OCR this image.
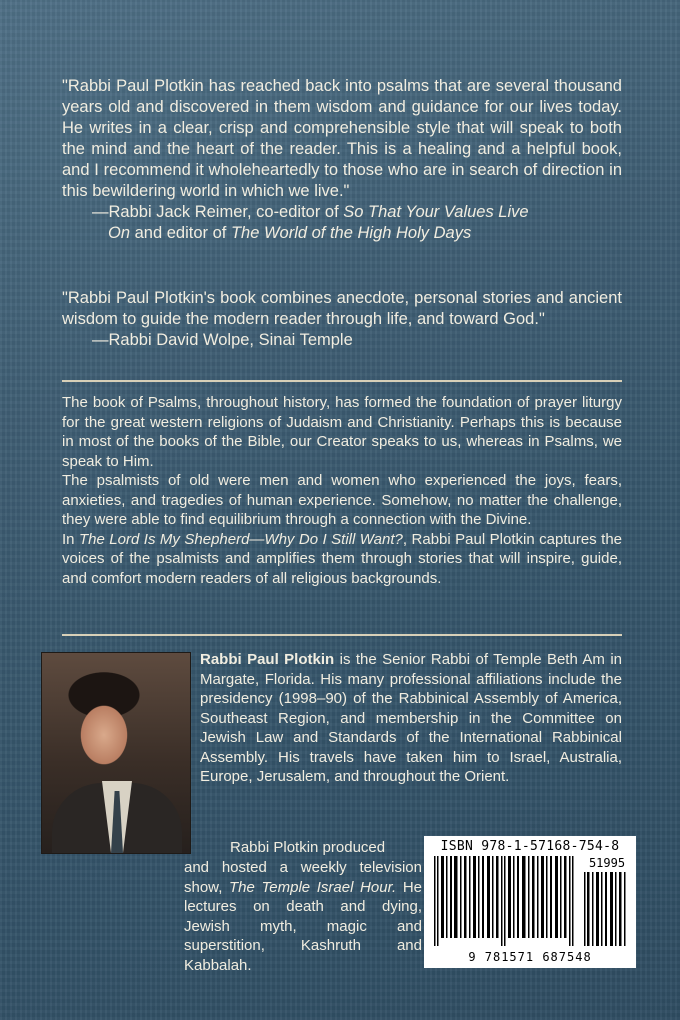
"Rabbi Paul Plotkin has reached back into psalms that are several thousand years old and discovered in them wisdom and guidance for our lives today. He writes in a clear, crisp and comprehensible style that will speak to both the mind and the heart of the reader. This is a healing and a helpful book, and I recommend it wholeheartedly to those who are in search of direction in this bewildering world in which we live."
—Rabbi Jack Reimer, co-editor of So That Your Values Live
On and editor of The World of the High Holy Days
"Rabbi Paul Plotkin's book combines anecdote, personal stories and ancient wisdom to guide the modern reader through life, and toward God."
—Rabbi David Wolpe, Sinai Temple

The book of Psalms, throughout history, has formed the foundation of prayer liturgy for the great western religions of Judaism and Christianity. Perhaps this is because in most of the books of the Bible, our Creator speaks to us, whereas in Psalms, we speak to Him.

The psalmists of old were men and women who experienced the joys, fears, anxieties, and tragedies of human experience. Somehow, no matter the challenge, they were able to find equilibrium through a connection with the Divine.

In The Lord Is My Shepherd—Why Do I Still Want?, Rabbi Paul Plotkin captures the voices of the psalmists and amplifies them through stories that will inspire, guide, and comfort modern readers of all religious backgrounds.

Rabbi Paul Plotkin is the Senior Rabbi of Temple Beth Am in Margate, Florida. His many professional affiliations include the presidency (1998–90) of the Rabbinical Assembly of America, Southeast Region, and membership in the Committee on Jewish Law and Standards of the International Rabbinical Assembly. His travels have taken him to Israel, Australia, Europe, Jerusalem, and throughout the Orient.
Rabbi Plotkin produced
and hosted a weekly television show, The Temple Israel Hour. He lectures on death and dying, Jewish myth, magic and superstition, Kashruth and Kabbalah.
ISBN 978-1-57168-754-8
51995
9 781571 687548
